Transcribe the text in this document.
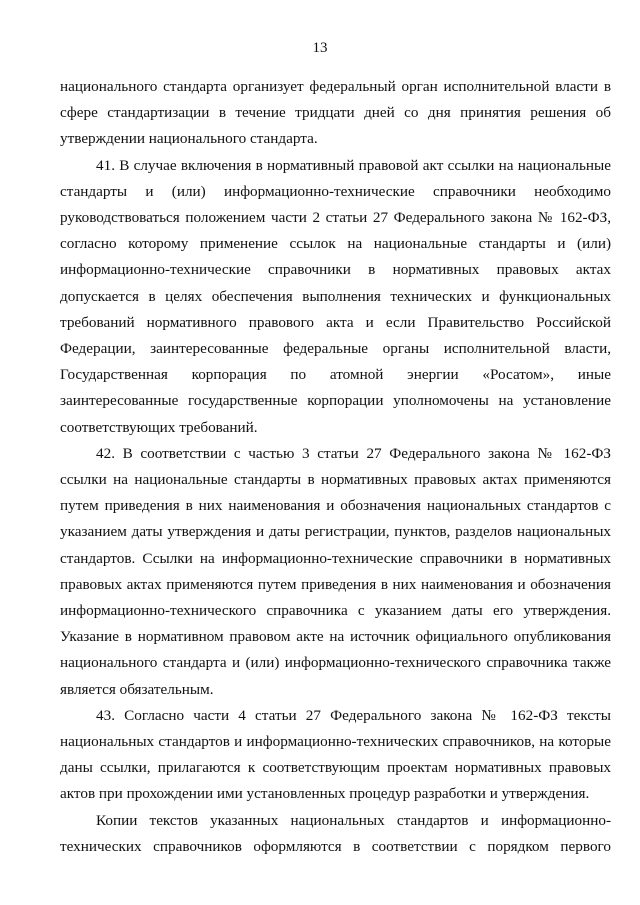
13

национального стандарта организует федеральный орган исполнительной власти в сфере стандартизации в течение тридцати дней со дня принятия решения об утверждении национального стандарта.

41. В случае включения в нормативный правовой акт ссылки на национальные стандарты и (или) информационно-технические справочники необходимо руководствоваться положением части 2 статьи 27 Федерального закона № 162-ФЗ, согласно которому применение ссылок на национальные стандарты и (или) информационно-технические справочники в нормативных правовых актах допускается в целях обеспечения выполнения технических и функциональных требований нормативного правового акта и если Правительство Российской Федерации, заинтересованные федеральные органы исполнительной власти, Государственная корпорация по атомной энергии «Росатом», иные заинтересованные государственные корпорации уполномочены на установление соответствующих требований.

42. В соответствии с частью 3 статьи 27 Федерального закона № 162-ФЗ ссылки на национальные стандарты в нормативных правовых актах применяются путем приведения в них наименования и обозначения национальных стандартов с указанием даты утверждения и даты регистрации, пунктов, разделов национальных стандартов. Ссылки на информационно-технические справочники в нормативных правовых актах применяются путем приведения в них наименования и обозначения информационно-технического справочника с указанием даты его утверждения. Указание в нормативном правовом акте на источник официального опубликования национального стандарта и (или) информационно-технического справочника также является обязательным.

43. Согласно части 4 статьи 27 Федерального закона № 162-ФЗ тексты национальных стандартов и информационно-технических справочников, на которые даны ссылки, прилагаются к соответствующим проектам нормативных правовых актов при прохождении ими установленных процедур разработки и утверждения.

Копии текстов указанных национальных стандартов и информационно-технических справочников оформляются в соответствии с порядком первого
